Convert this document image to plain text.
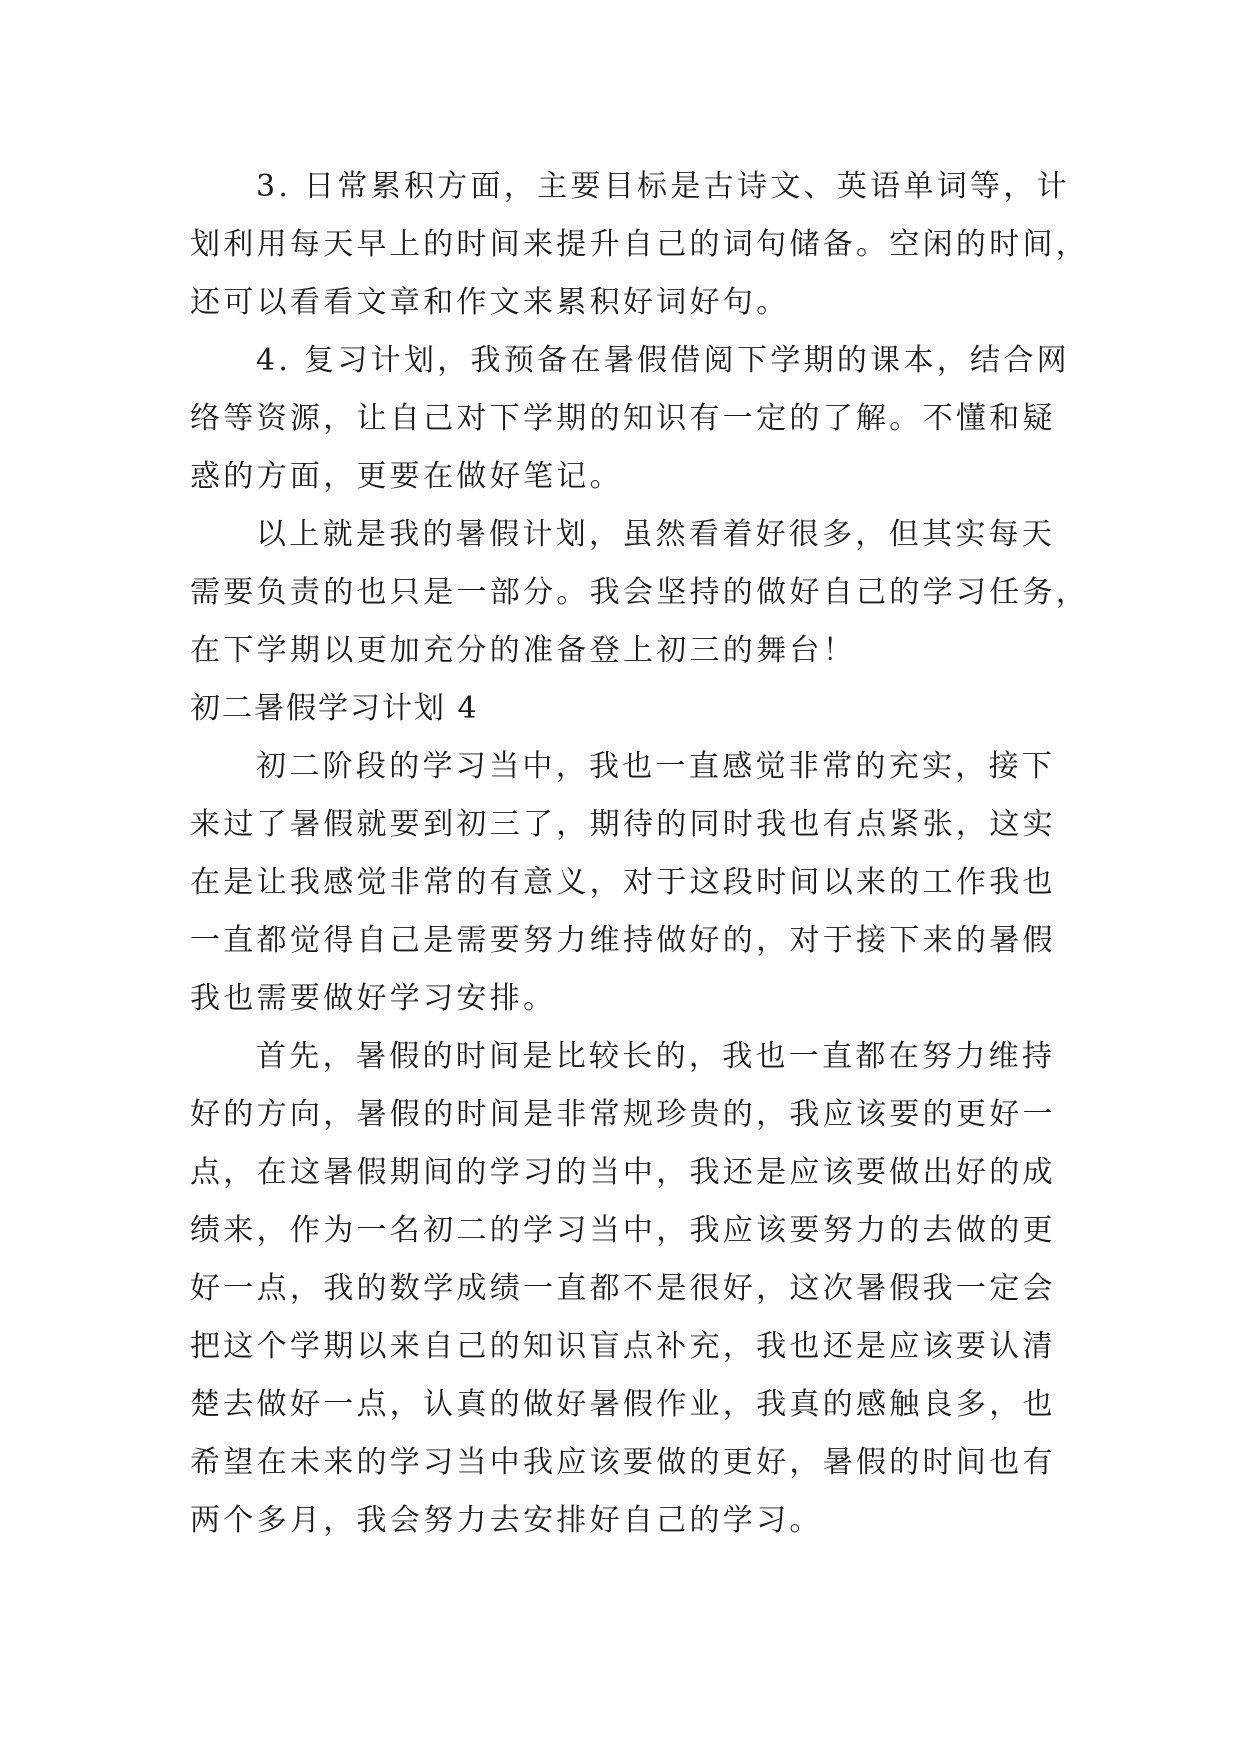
3. 日常累积方面，主要目标是古诗文、英语单词等，计

划利用每天早上的时间来提升自己的词句储备。空闲的时间，

还可以看看文章和作文来累积好词好句。

4. 复习计划，我预备在暑假借阅下学期的课本，结合网

络等资源，让自己对下学期的知识有一定的了解。不懂和疑

惑的方面，更要在做好笔记。

以上就是我的暑假计划，虽然看着好很多，但其实每天

需要负责的也只是一部分。我会坚持的做好自己的学习任务，

在下学期以更加充分的准备登上初三的舞台！

初二暑假学习计划 4

初二阶段的学习当中，我也一直感觉非常的充实，接下

来过了暑假就要到初三了，期待的同时我也有点紧张，这实

在是让我感觉非常的有意义，对于这段时间以来的工作我也

一直都觉得自己是需要努力维持做好的，对于接下来的暑假

我也需要做好学习安排。

首先，暑假的时间是比较长的，我也一直都在努力维持

好的方向，暑假的时间是非常规珍贵的，我应该要的更好一

点，在这暑假期间的学习的当中，我还是应该要做出好的成

绩来，作为一名初二的学习当中，我应该要努力的去做的更

好一点，我的数学成绩一直都不是很好，这次暑假我一定会

把这个学期以来自己的知识盲点补充，我也还是应该要认清

楚去做好一点，认真的做好暑假作业，我真的感触良多，也

希望在未来的学习当中我应该要做的更好，暑假的时间也有

两个多月，我会努力去安排好自己的学习。
